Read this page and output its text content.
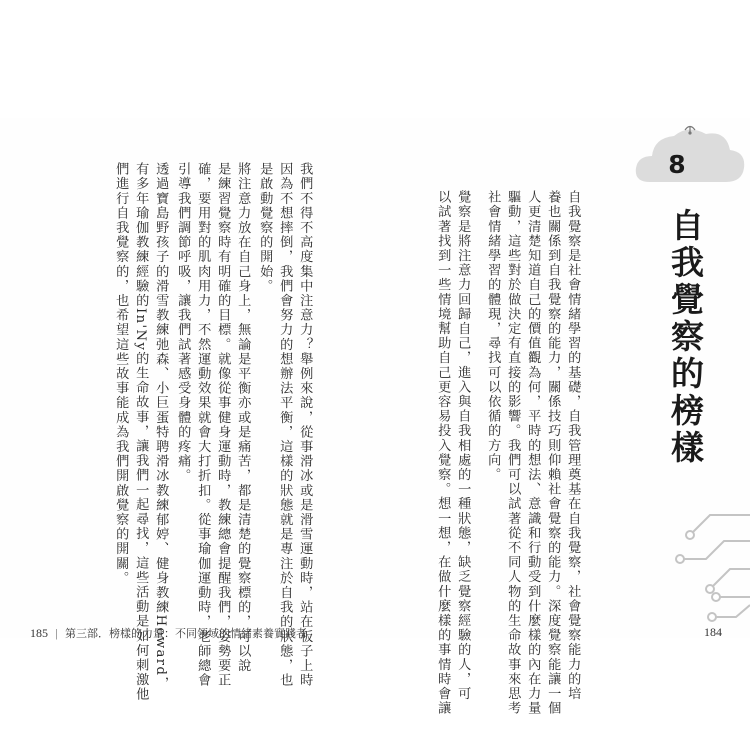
8
自我覺察的榜樣
自我覺察是社會情緒學習的基礎，自我管理奠基在自我覺察，社會覺察能力的培
養也關係到自我覺察的能力，關係技巧則仰賴社會覺察的能力。深度覺察能讓一個
人更清楚知道自己的價值觀為何，平時的想法、意識和行動受到什麼樣的內在力量
驅動，這些對於做決定有直接的影響。我們可以試著從不同人物的生命故事來思考
社會情緒學習的體現，尋找可以依循的方向。
覺察是將注意力回歸自己，進入與自我相處的一種狀態，缺乏覺察經驗的人，可
以試著找到一些情境幫助自己更容易投入覺察。想一想，在做什麼樣的事情時會讓
我們不得不高度集中注意力？舉例來說，從事滑冰或是滑雪運動時，站在板子上時
因為不想摔倒，我們會努力的想辦法平衡，這樣的狀態就是專注於自我的狀態，也
是啟動覺察的開始。
將注意力放在自己身上，無論是平衡亦或是痛苦，都是清楚的覺察標的，可以說
是練習覺察時有明確的目標。就像從事健身運動時，教練總會提醒我們，姿勢要正
確，要用對的肌肉用力，不然運動效果就會大打折扣。從事瑜伽運動時，老師總會
引導我們調節呼吸，讓我們試著感受身體的疼痛。
透過寶島野孩子的滑雪教練弛森、小巨蛋特聘滑冰教練郁婷、健身教練Howard，
有多年瑜伽教練經驗的In'Ny的生命故事，讓我們一起尋找，這些活動是如何刺激他
們進行自我覺察的，也希望這些故事能成為我們開啟覺察的開關。
185 | 第三部．榜樣的力量：不同領域的情緒素養實踐者	184
